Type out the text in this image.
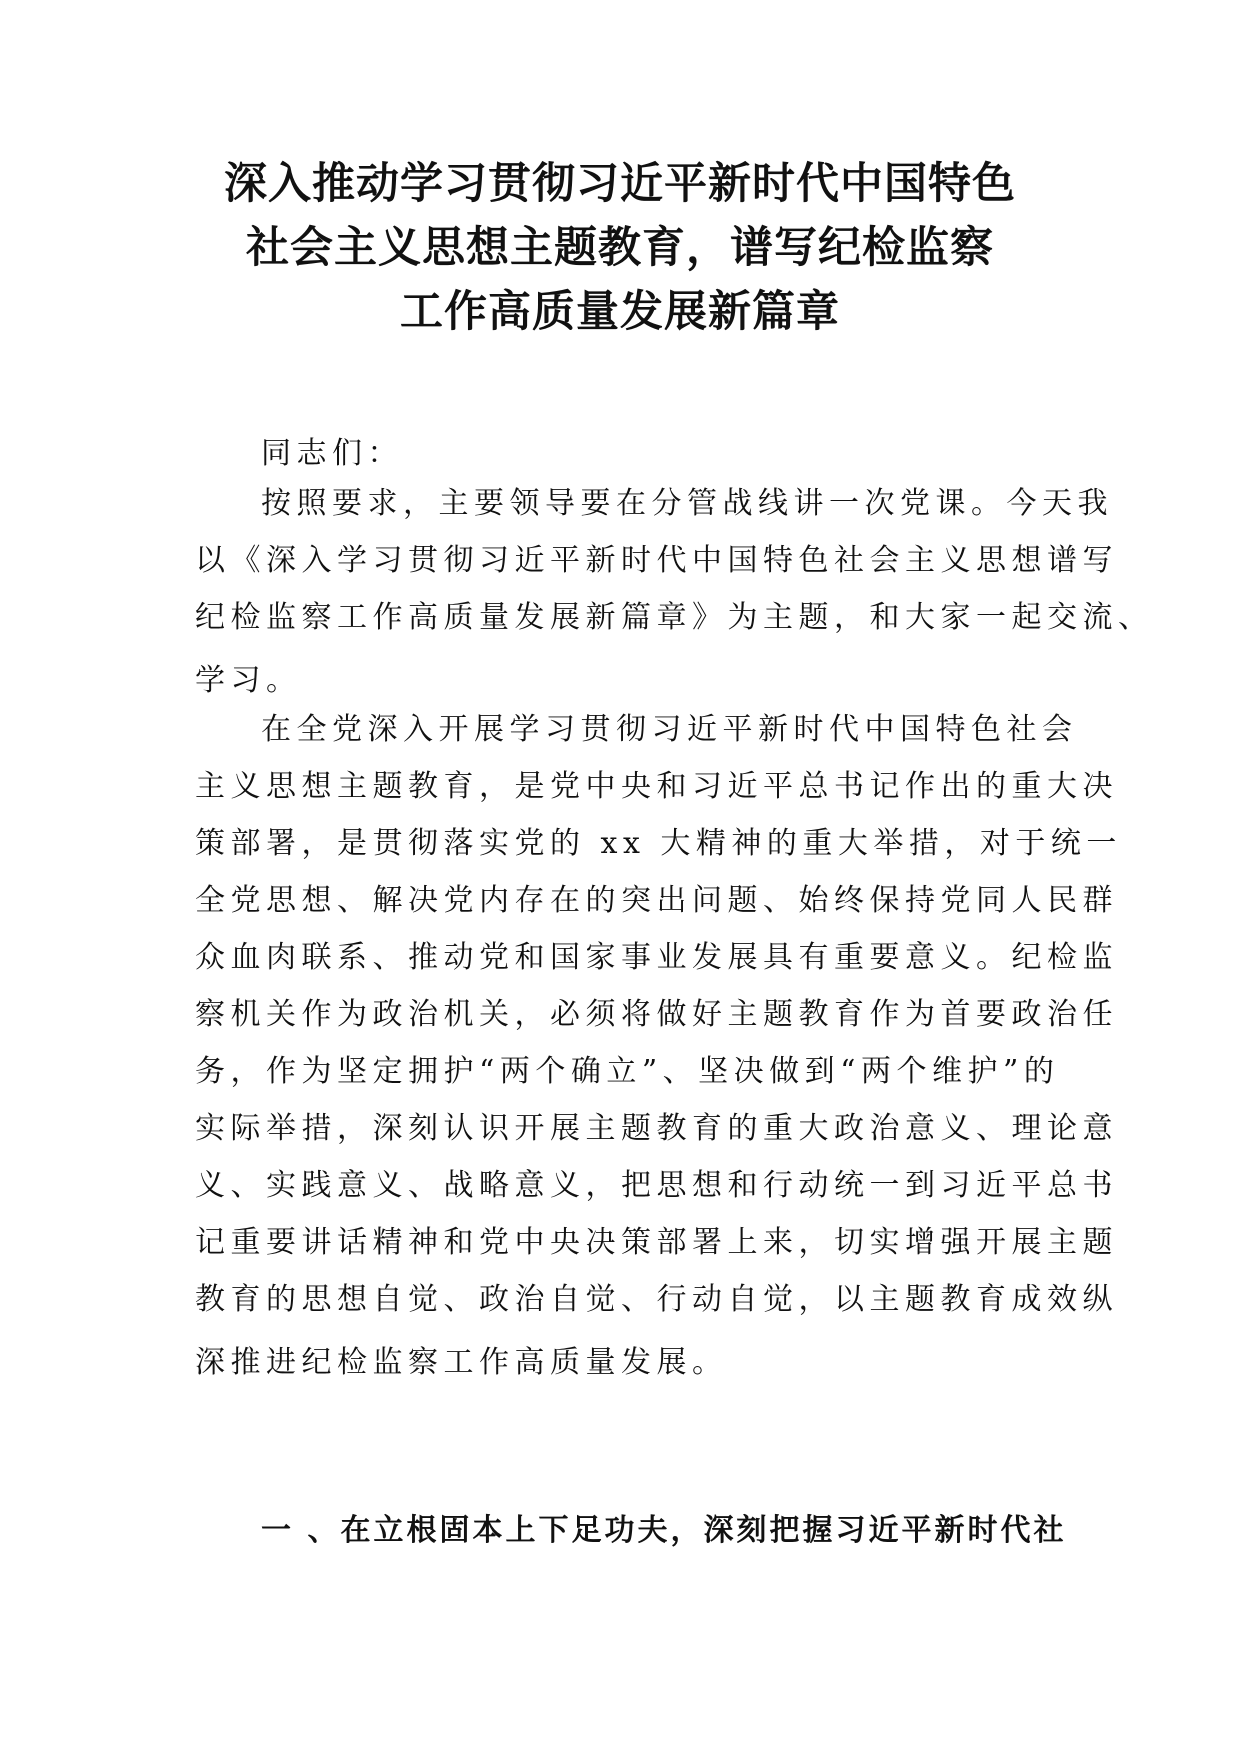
深入推动学习贯彻习近平新时代中国特色
社会主义思想主题教育，谱写纪检监察
工作高质量发展新篇章

同志们：

按照要求，主要领导要在分管战线讲一次党课。今天我
以《深入学习贯彻习近平新时代中国特色社会主义思想谱写
纪检监察工作高质量发展新篇章》为主题，和大家一起交流、
学习。

在全党深入开展学习贯彻习近平新时代中国特色社会
主义思想主题教育，是党中央和习近平总书记作出的重大决
策部署，是贯彻落实党的 xx 大精神的重大举措，对于统一
全党思想、解决党内存在的突出问题、始终保持党同人民群
众血肉联系、推动党和国家事业发展具有重要意义。纪检监
察机关作为政治机关，必须将做好主题教育作为首要政治任
务，作为坚定拥护“两个确立”、坚决做到“两个维护”的
实际举措，深刻认识开展主题教育的重大政治意义、理论意
义、实践意义、战略意义，把思想和行动统一到习近平总书
记重要讲话精神和党中央决策部署上来，切实增强开展主题
教育的思想自觉、政治自觉、行动自觉，以主题教育成效纵
深推进纪检监察工作高质量发展。

一 、在立根固本上下足功夫，深刻把握习近平新时代社
